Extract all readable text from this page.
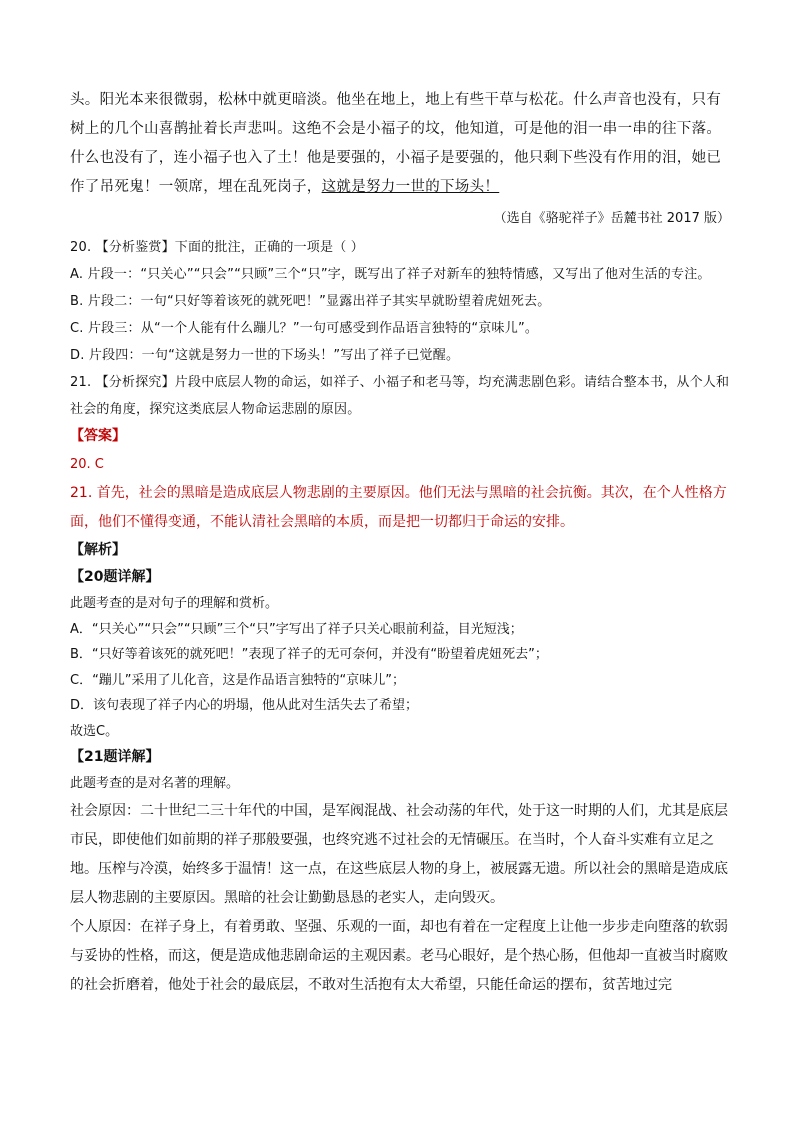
头。阳光本来很微弱，松林中就更暗淡。他坐在地上，地上有些干草与松花。什么声音也没有，只有树上的几个山喜鹊扯着长声悲叫。这绝不会是小福子的坟，他知道，可是他的泪一串一串的往下落。什么也没有了，连小福子也入了土！他是要强的，小福子是要强的，他只剩下些没有作用的泪，她已作了吊死鬼！一领席，埋在乱死岗子，这就是努力一世的下场头！

（选自《骆驼祥子》岳麓书社 2017 版）

20. 【分析鉴赏】下面的批注，正确的一项是（ ）

A. 片段一：“只关心”“只会”“只顾”三个“只”字，既写出了祥子对新车的独特情感，又写出了他对生活的专注。

B. 片段二：一句“只好等着该死的就死吧！”显露出祥子其实早就盼望着虎妞死去。

C. 片段三：从“一个人能有什么蹦儿？”一句可感受到作品语言独特的“京味儿”。

D. 片段四：一句“这就是努力一世的下场头！”写出了祥子已觉醒。

21. 【分析探究】片段中底层人物的命运，如祥子、小福子和老马等，均充满悲剧色彩。请结合整本书，从个人和社会的角度，探究这类底层人物命运悲剧的原因。

【答案】

20. C

21. 首先，社会的黑暗是造成底层人物悲剧的主要原因。他们无法与黑暗的社会抗衡。其次，在个人性格方面，他们不懂得变通，不能认清社会黑暗的本质，而是把一切都归于命运的安排。

【解析】

【20题详解】

此题考查的是对句子的理解和赏析。

A．“只关心”“只会”“只顾”三个“只”字写出了祥子只关心眼前利益，目光短浅；

B．“只好等着该死的就死吧！”表现了祥子的无可奈何，并没有“盼望着虎妞死去”；

C．“蹦儿”采用了儿化音，这是作品语言独特的“京味儿”；

D．该句表现了祥子内心的坍塌，他从此对生活失去了希望；

故选C。

【21题详解】

此题考查的是对名著的理解。

社会原因：二十世纪二三十年代的中国，是军阀混战、社会动荡的年代，处于这一时期的人们，尤其是底层市民，即使他们如前期的祥子那般要强，也终究逃不过社会的无情碾压。在当时，个人奋斗实难有立足之地。压榨与冷漠，始终多于温情！这一点，在这些底层人物的身上，被展露无遗。所以社会的黑暗是造成底层人物悲剧的主要原因。黑暗的社会让勤勤恳恳的老实人，走向毁灭。

个人原因：在祥子身上，有着勇敢、坚强、乐观的一面，却也有着在一定程度上让他一步步走向堕落的软弱与妥协的性格，而这，便是造成他悲剧命运的主观因素。老马心眼好，是个热心肠，但他却一直被当时腐败的社会折磨着，他处于社会的最底层，不敢对生活抱有太大希望，只能任命运的摆布，贫苦地过完
